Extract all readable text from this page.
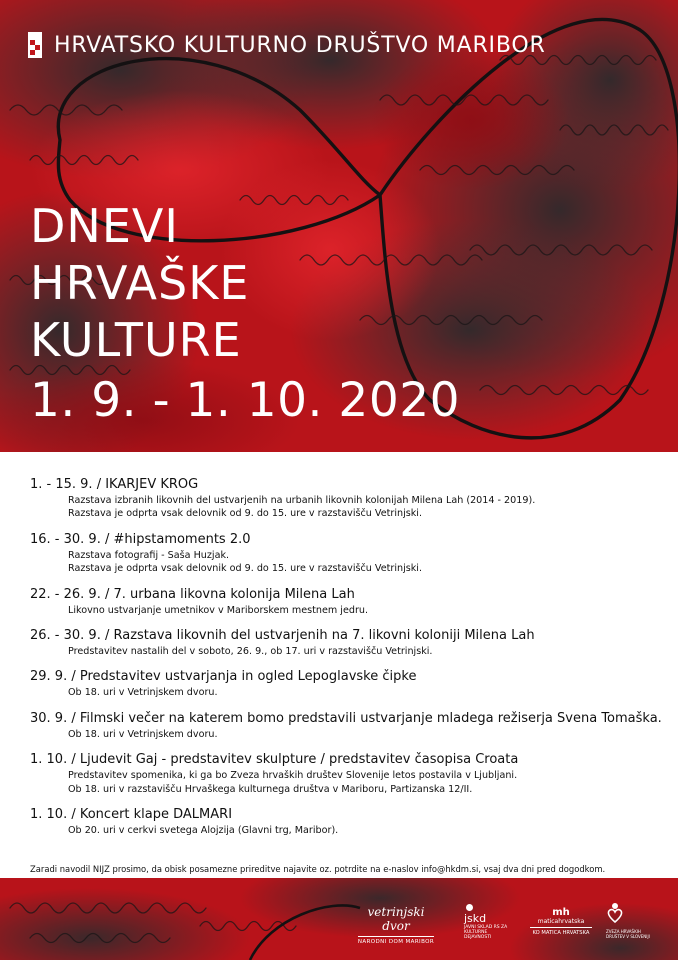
HRVATSKO KULTURNO DRUŠTVO MARIBOR
DNEVI
HRVAŠKE
KULTURE
1. 9. - 1. 10. 2020
1. - 15. 9. / IKARJEV KROG
Razstava izbranih likovnih del ustvarjenih na urbanih likovnih kolonijah Milena Lah (2014 - 2019).
Razstava je odprta vsak delovnik od 9. do 15. ure v razstavišču Vetrinjski.
16. - 30. 9. / #hipstamoments 2.0
Razstava fotografij - Saša Huzjak.
Razstava je odprta vsak delovnik od 9. do 15. ure v razstavišču Vetrinjski.
22. - 26. 9. / 7. urbana likovna kolonija Milena Lah
Likovno ustvarjanje umetnikov v Mariborskem mestnem jedru.
26. - 30. 9. / Razstava likovnih del ustvarjenih na 7. likovni koloniji Milena Lah
Predstavitev nastalih del v soboto, 26. 9., ob 17. uri v razstavišču Vetrinjski.
29. 9. / Predstavitev ustvarjanja in ogled Lepoglavske čipke
Ob 18. uri v Vetrinjskem dvoru.
30. 9. / Filmski večer na katerem bomo predstavili ustvarjanje mladega režiserja Svena Tomaška.
Ob 18. uri v Vetrinjskem dvoru.
1. 10. / Ljudevit Gaj - predstavitev skulpture / predstavitev časopisa Croata
Predstavitev spomenika, ki ga bo Zveza hrvaških društev Slovenije letos postavila v Ljubljani.
Ob 18. uri v razstavišču Hrvaškega kulturnega društva v Mariboru, Partizanska 12/II.
1. 10. / Koncert klape DALMARI
Ob 20. uri v cerkvi svetega Alojzija (Glavni trg, Maribor).
Zaradi navodil NIJZ prosimo, da obisk posamezne prireditve najavite oz. potrdite na e-naslov info@hkdm.si, vsaj dva dni pred dogodkom.
vetrinjski dvor
NARODNI DOM MARIBOR
jskd
JAVNI SKLAD RS ZA KULTURNE DEJAVNOSTI
mh
maticahrvatska
KO MATICA HRVATSKA	ZVEZA HRVAŠKIH DRUŠTEV V SLOVENIJI
